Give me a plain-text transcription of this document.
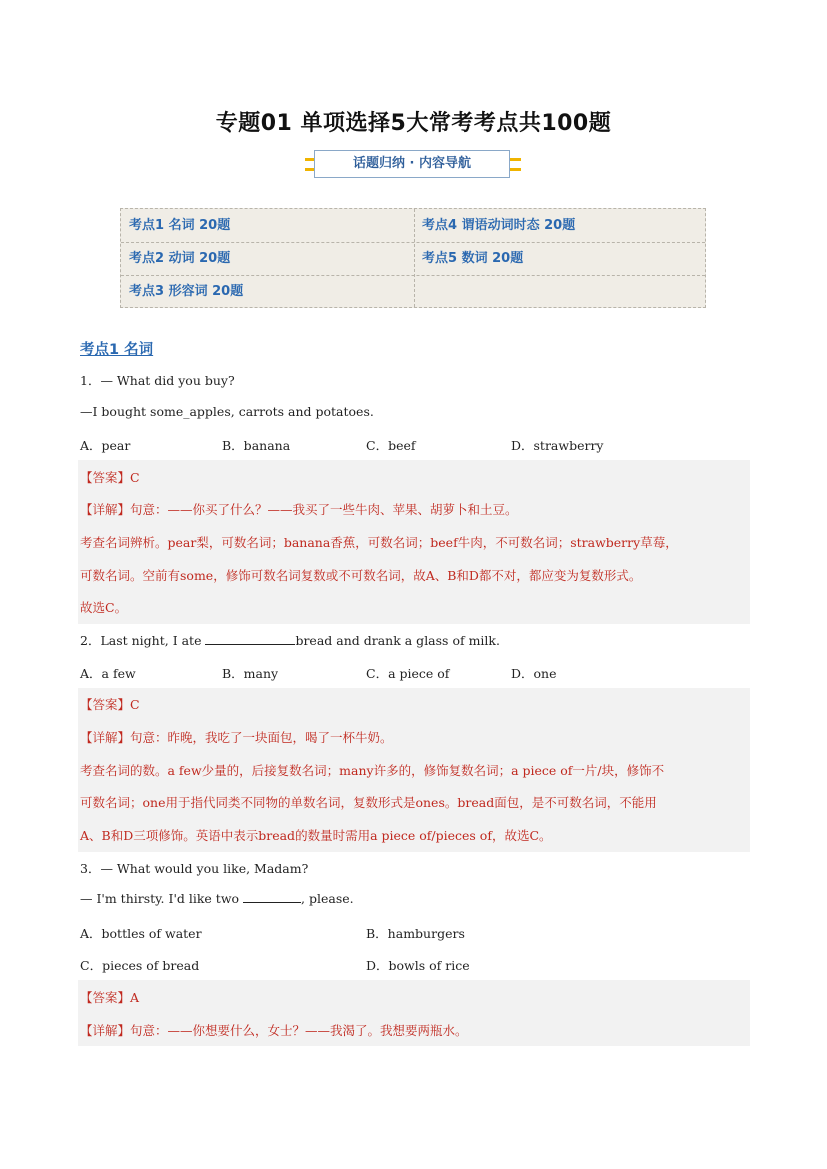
专题01 单项选择5大常考考点共100题
话题归纳 · 内容导航
考点1 名词 20题	考点4 谓语动词时态 20题
考点2 动词 20题	考点5 数词 20题
考点3 形容词 20题
考点1 名词
1．— What did you buy?
—I bought some_apples, carrots and potatoes.
A．pear	B．banana	C．beef	D．strawberry
【答案】C
【详解】句意：——你买了什么？——我买了一些牛肉、苹果、胡萝卜和土豆。
考查名词辨析。pear梨，可数名词；banana香蕉，可数名词；beef牛肉，不可数名词；strawberry草莓，
可数名词。空前有some，修饰可数名词复数或不可数名词，故A、B和D都不对，都应变为复数形式。
故选C。
2．Last night, I ate	bread and drank a glass of milk.
A．a few	B．many	C．a piece of	D．one
【答案】C
【详解】句意：昨晚，我吃了一块面包，喝了一杯牛奶。
考查名词的数。a few少量的，后接复数名词；many许多的，修饰复数名词；a piece of一片/块，修饰不
可数名词；one用于指代同类不同物的单数名词，复数形式是ones。bread面包，是不可数名词，不能用
A、B和D三项修饰。英语中表示bread的数量时需用a piece of/pieces of，故选C。
3．— What would you like, Madam?
— I'm thirsty. I'd like two	, please.
A．bottles of water	B．hamburgers
C．pieces of bread	D．bowls of rice
【答案】A
【详解】句意：——你想要什么，女士？——我渴了。我想要两瓶水。
